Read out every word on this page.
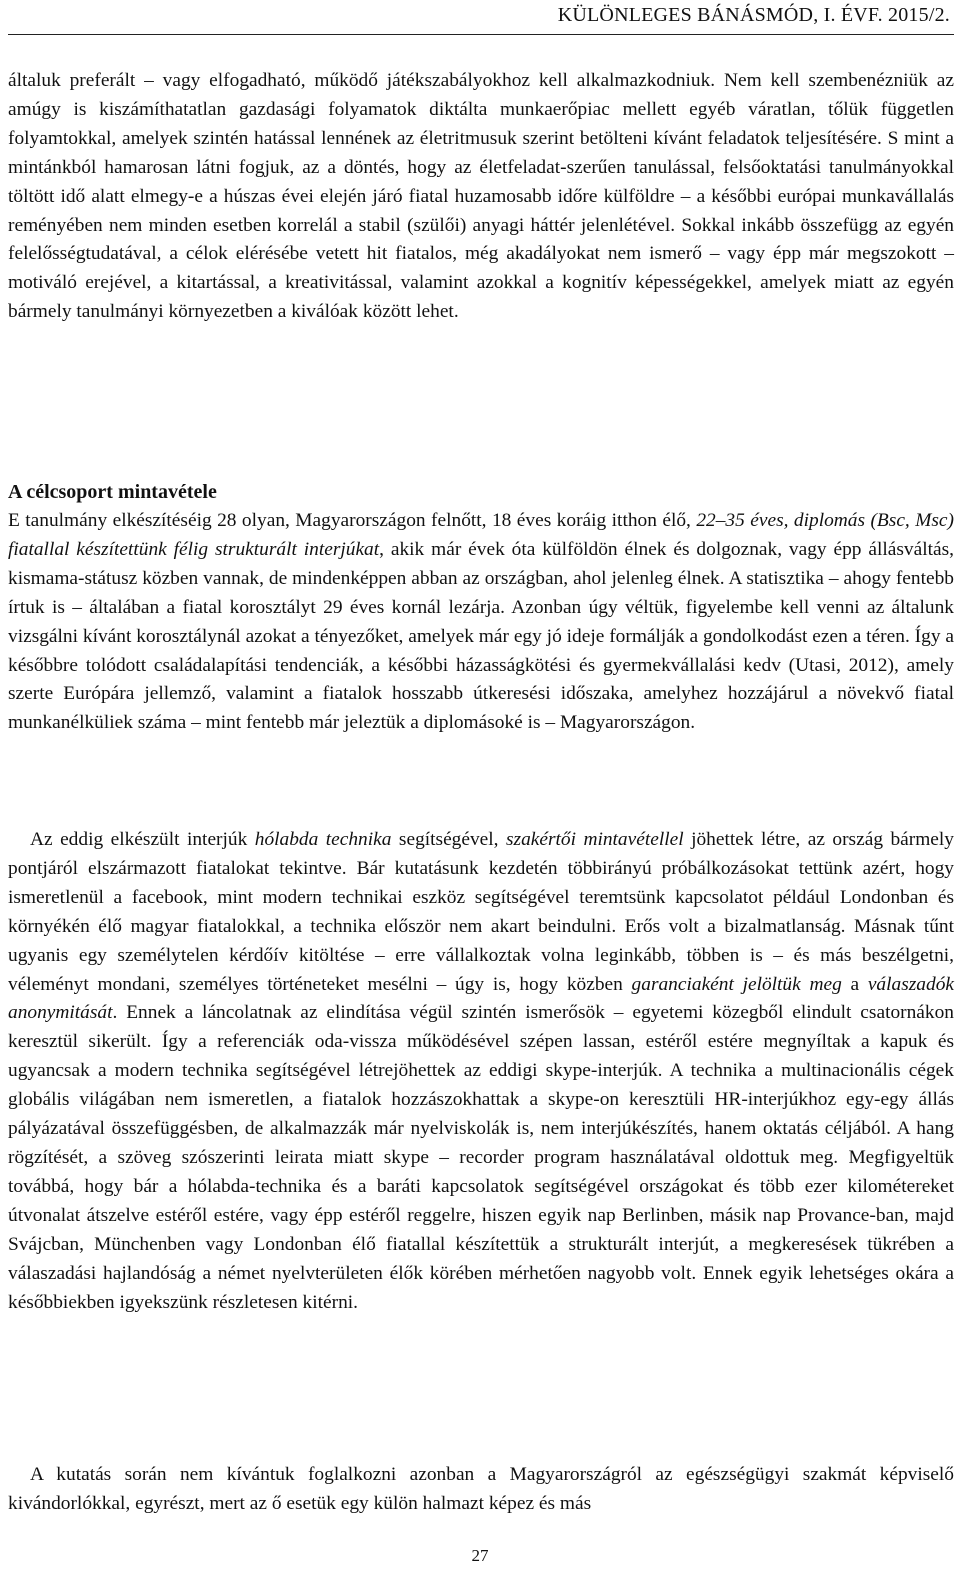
KÜLÖNLEGES BÁNÁSMÓD, I. ÉVF. 2015/2.

általuk preferált – vagy elfogadható, működő játékszabályokhoz kell alkalmazkodniuk. Nem kell szembenézniük az amúgy is kiszámíthatatlan gazdasági folyamatok diktálta munkaerőpiac mellett egyéb váratlan, tőlük független folyamtokkal, amelyek szintén hatással lennének az életritmusuk szerint betölteni kívánt feladatok teljesítésére. S mint a mintánkból hamarosan látni fogjuk, az a döntés, hogy az életfeladat-szerűen tanulással, felsőoktatási tanulmányokkal töltött idő alatt elmegy-e a húszas évei elején járó fiatal huzamosabb időre külföldre – a későbbi európai munkavállalás reményében nem minden esetben korrelál a stabil (szülői) anyagi háttér jelenlétével. Sokkal inkább összefügg az egyén felelősségtudatával, a célok elérésébe vetett hit fiatalos, még akadályokat nem ismerő – vagy épp már megszokott – motiváló erejével, a kitartással, a kreativitással, valamint azokkal a kognitív képességekkel, amelyek miatt az egyén bármely tanulmányi környezetben a kiválóak között lehet.

A célcsoport mintavétele

E tanulmány elkészítéséig 28 olyan, Magyarországon felnőtt, 18 éves koráig itthon élő, 22–35 éves, diplomás (Bsc, Msc) fiatallal készítettünk félig strukturált interjúkat, akik már évek óta külföldön élnek és dolgoznak, vagy épp állásváltás, kismama-státusz közben vannak, de mindenképpen abban az országban, ahol jelenleg élnek. A statisztika – ahogy fentebb írtuk is – általában a fiatal korosztályt 29 éves kornál lezárja. Azonban úgy véltük, figyelembe kell venni az általunk vizsgálni kívánt korosztálynál azokat a tényezőket, amelyek már egy jó ideje formálják a gondolkodást ezen a téren. Így a későbbre tolódott családalapítási tendenciák, a későbbi házasságkötési és gyermekvállalási kedv (Utasi, 2012), amely szerte Európára jellemző, valamint a fiatalok hosszabb útkeresési időszaka, amelyhez hozzájárul a növekvő fiatal munkanélküliek száma – mint fentebb már jeleztük a diplomásoké is – Magyarországon.

Az eddig elkészült interjúk hólabda technika segítségével, szakértői mintavétellel jöhettek létre, az ország bármely pontjáról elszármazott fiatalokat tekintve. Bár kutatásunk kezdetén többirányú próbálkozásokat tettünk azért, hogy ismeretlenül a facebook, mint modern technikai eszköz segítségével teremtsünk kapcsolatot például Londonban és környékén élő magyar fiatalokkal, a technika először nem akart beindulni. Erős volt a bizalmatlanság. Másnak tűnt ugyanis egy személytelen kérdőív kitöltése – erre vállalkoztak volna leginkább, többen is – és más beszélgetni, véleményt mondani, személyes történeteket mesélni – úgy is, hogy közben garanciaként jelöltük meg a válaszadók anonymitását. Ennek a láncolatnak az elindítása végül szintén ismerősök – egyetemi közegből elindult csatornákon keresztül sikerült. Így a referenciák oda-vissza működésével szépen lassan, estéről estére megnyíltak a kapuk és ugyancsak a modern technika segítségével létrejöhettek az eddigi skype-interjúk. A technika a multinacionális cégek globális világában nem ismeretlen, a fiatalok hozzászokhattak a skype-on keresztüli HR-interjúkhoz egy-egy állás pályázatával összefüggésben, de alkalmazzák már nyelviskolák is, nem interjúkészítés, hanem oktatás céljából. A hang rögzítését, a szöveg szószerinti leirata miatt skype – recorder program használatával oldottuk meg. Megfigyeltük továbbá, hogy bár a hólabda-technika és a baráti kapcsolatok segítségével országokat és több ezer kilométereket útvonalat átszelve estéről estére, vagy épp estéről reggelre, hiszen egyik nap Berlinben, másik nap Provance-ban, majd Svájcban, Münchenben vagy Londonban élő fiatallal készítettük a strukturált interjút, a megkeresések tükrében a válaszadási hajlandóság a német nyelvterületen élők körében mérhetően nagyobb volt. Ennek egyik lehetséges okára a későbbiekben igyekszünk részletesen kitérni.

A kutatás során nem kívántuk foglalkozni azonban a Magyarországról az egészségügyi szakmát képviselő kivándorlókkal, egyrészt, mert az ő esetük egy külön halmazt képez és más

27
